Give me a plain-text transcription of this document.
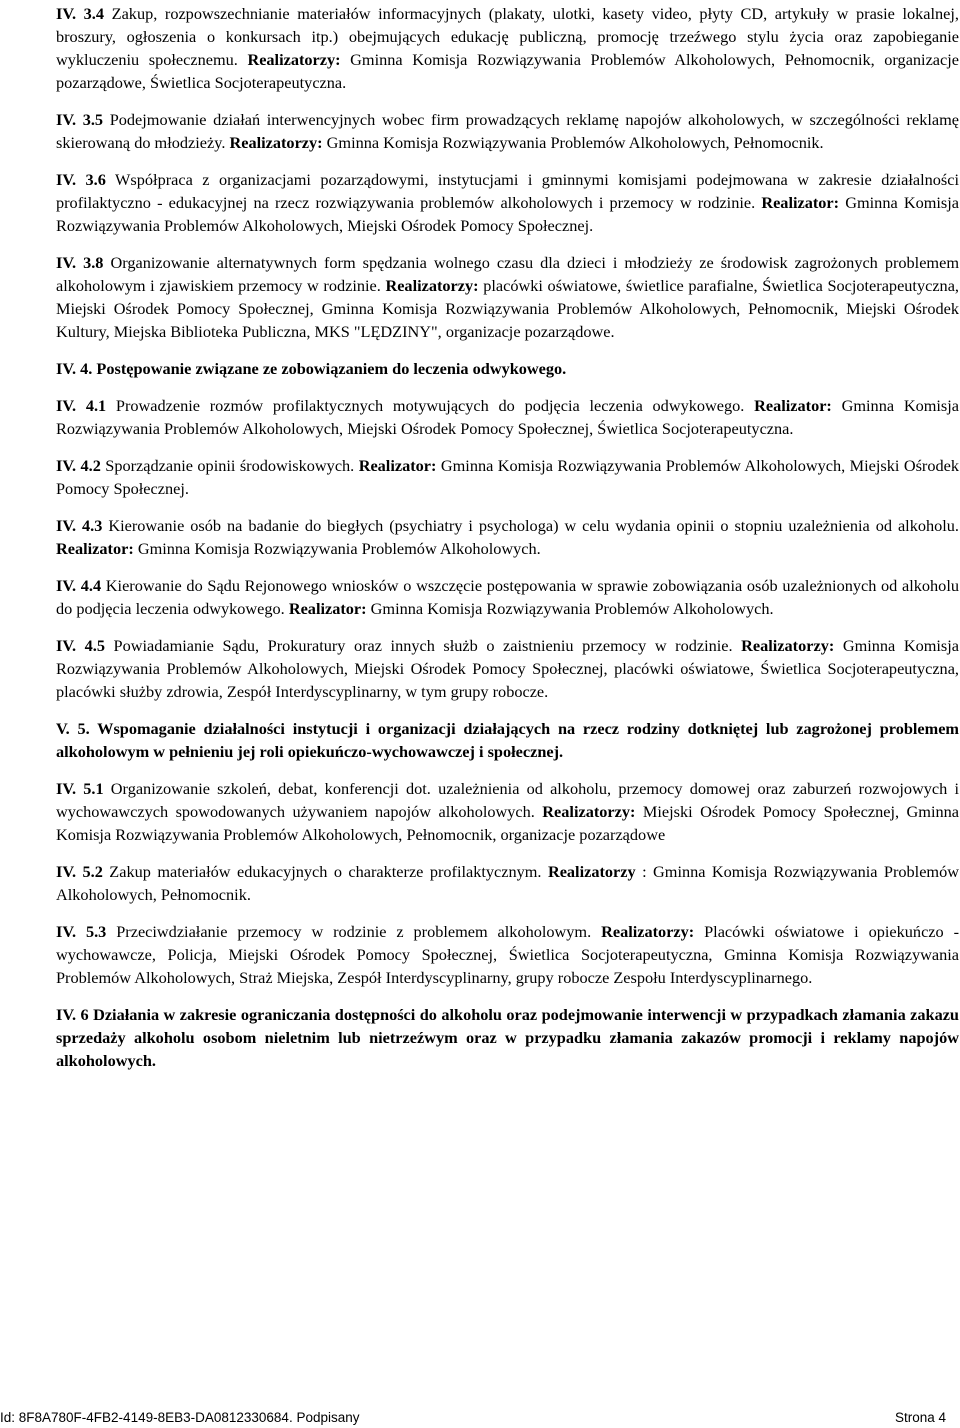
IV. 3.4 Zakup, rozpowszechnianie materiałów informacyjnych (plakaty, ulotki, kasety video, płyty CD, artykuły w prasie lokalnej, broszury, ogłoszenia o konkursach itp.) obejmujących edukację publiczną, promocję trzeźwego stylu życia oraz zapobieganie wykluczeniu społecznemu. Realizatorzy: Gminna Komisja Rozwiązywania Problemów Alkoholowych, Pełnomocnik, organizacje pozarządowe, Świetlica Socjoterapeutyczna.

IV. 3.5 Podejmowanie działań interwencyjnych wobec firm prowadzących reklamę napojów alkoholowych, w szczególności reklamę skierowaną do młodzieży. Realizatorzy: Gminna Komisja Rozwiązywania Problemów Alkoholowych, Pełnomocnik.

IV. 3.6 Współpraca z organizacjami pozarządowymi, instytucjami i gminnymi komisjami podejmowana w zakresie działalności profilaktyczno - edukacyjnej na rzecz rozwiązywania problemów alkoholowych i przemocy w rodzinie. Realizator: Gminna Komisja Rozwiązywania Problemów Alkoholowych, Miejski Ośrodek Pomocy Społecznej.

IV. 3.8 Organizowanie alternatywnych form spędzania wolnego czasu dla dzieci i młodzieży ze środowisk zagrożonych problemem alkoholowym i zjawiskiem przemocy w rodzinie. Realizatorzy: placówki oświatowe, świetlice parafialne, Świetlica Socjoterapeutyczna, Miejski Ośrodek Pomocy Społecznej, Gminna Komisja Rozwiązywania Problemów Alkoholowych, Pełnomocnik, Miejski Ośrodek Kultury, Miejska Biblioteka Publiczna, MKS "LĘDZINY", organizacje pozarządowe.

IV. 4. Postępowanie związane ze zobowiązaniem do leczenia odwykowego.

IV. 4.1 Prowadzenie rozmów profilaktycznych motywujących do podjęcia leczenia odwykowego. Realizator: Gminna Komisja Rozwiązywania Problemów Alkoholowych, Miejski Ośrodek Pomocy Społecznej, Świetlica Socjoterapeutyczna.

IV. 4.2 Sporządzanie opinii środowiskowych. Realizator: Gminna Komisja Rozwiązywania Problemów Alkoholowych, Miejski Ośrodek Pomocy Społecznej.

IV. 4.3 Kierowanie osób na badanie do biegłych (psychiatry i psychologa) w celu wydania opinii o stopniu uzależnienia od alkoholu. Realizator: Gminna Komisja Rozwiązywania Problemów Alkoholowych.

IV. 4.4 Kierowanie do Sądu Rejonowego wniosków o wszczęcie postępowania w sprawie zobowiązania osób uzależnionych od alkoholu do podjęcia leczenia odwykowego. Realizator: Gminna Komisja Rozwiązywania Problemów Alkoholowych.

IV. 4.5 Powiadamianie Sądu, Prokuratury oraz innych służb o zaistnieniu przemocy w rodzinie. Realizatorzy: Gminna Komisja Rozwiązywania Problemów Alkoholowych, Miejski Ośrodek Pomocy Społecznej, placówki oświatowe, Świetlica Socjoterapeutyczna, placówki służby zdrowia, Zespół Interdyscyplinarny, w tym grupy robocze.

V. 5. Wspomaganie działalności instytucji i organizacji działających na rzecz rodziny dotkniętej lub zagrożonej problemem alkoholowym w pełnieniu jej roli opiekuńczo-wychowawczej i społecznej.

IV. 5.1 Organizowanie szkoleń, debat, konferencji dot. uzależnienia od alkoholu, przemocy domowej oraz zaburzeń rozwojowych i wychowawczych spowodowanych używaniem napojów alkoholowych. Realizatorzy: Miejski Ośrodek Pomocy Społecznej, Gminna Komisja Rozwiązywania Problemów Alkoholowych, Pełnomocnik, organizacje pozarządowe

IV. 5.2 Zakup materiałów edukacyjnych o charakterze profilaktycznym. Realizatorzy : Gminna Komisja Rozwiązywania Problemów Alkoholowych, Pełnomocnik.

IV. 5.3 Przeciwdziałanie przemocy w rodzinie z problemem alkoholowym. Realizatorzy: Placówki oświatowe i opiekuńczo - wychowawcze, Policja, Miejski Ośrodek Pomocy Społecznej, Świetlica Socjoterapeutyczna, Gminna Komisja Rozwiązywania Problemów Alkoholowych, Straż Miejska, Zespół Interdyscyplinarny, grupy robocze Zespołu Interdyscyplinarnego.

IV. 6 Działania w zakresie ograniczania dostępności do alkoholu oraz podejmowanie interwencji w przypadkach złamania zakazu sprzedaży alkoholu osobom nieletnim lub nietrzeźwym oraz w przypadku złamania zakazów promocji i reklamy napojów alkoholowych.

Id: 8F8A780F-4FB2-4149-8EB3-DA0812330684. Podpisany	Strona 4
